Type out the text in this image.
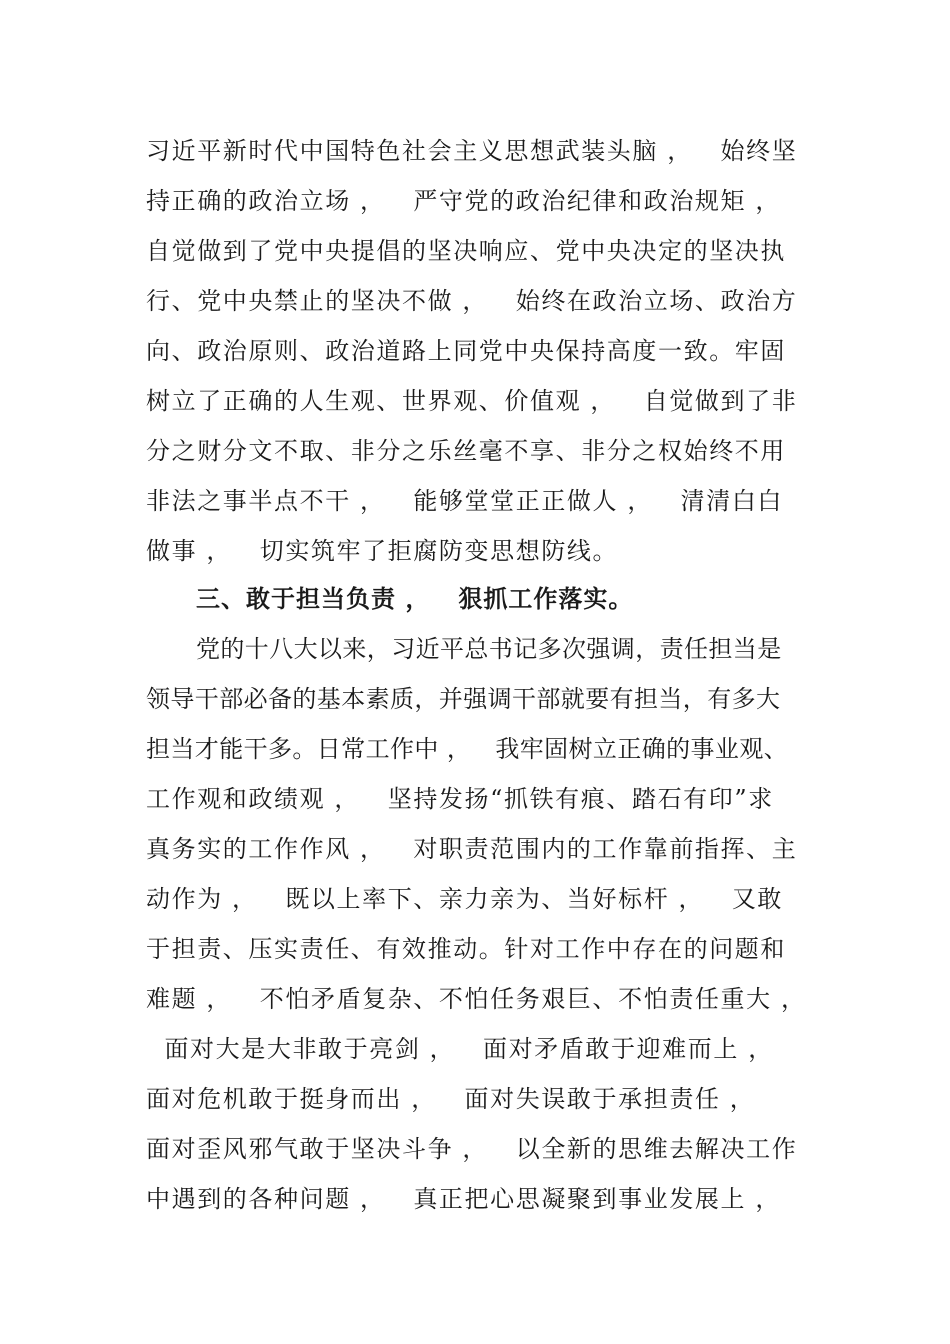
习近平新时代中国特色社会主义思想武装头脑 ，   始终坚
持正确的政治立场 ，   严守党的政治纪律和政治规矩 ，
自觉做到了党中央提倡的坚决响应、党中央决定的坚决执
行、党中央禁止的坚决不做 ，   始终在政治立场、政治方
向、政治原则、政治道路上同党中央保持高度一致。牢固
树立了正确的人生观、世界观、价值观 ，   自觉做到了非
分之财分文不取、非分之乐丝毫不享、非分之权始终不用
非法之事半点不干 ，   能够堂堂正正做人 ，   清清白白
做事 ，   切实筑牢了拒腐防变思想防线。
三、敢于担当负责 ，   狠抓工作落实。
党的十八大以来，习近平总书记多次强调，责任担当是
领导干部必备的基本素质，并强调干部就要有担当，有多大
担当才能干多。日常工作中 ，   我牢固树立正确的事业观、
工作观和政绩观 ，   坚持发扬“抓铁有痕、踏石有印”求
真务实的工作作风 ，   对职责范围内的工作靠前指挥、主
动作为 ，   既以上率下、亲力亲为、当好标杆 ，   又敢
于担责、压实责任、有效推动。针对工作中存在的问题和
难题 ，   不怕矛盾复杂、不怕任务艰巨、不怕责任重大 ，
面对大是大非敢于亮剑 ，   面对矛盾敢于迎难而上 ，
面对危机敢于挺身而出 ，   面对失误敢于承担责任 ，
面对歪风邪气敢于坚决斗争 ，   以全新的思维去解决工作
中遇到的各种问题 ，   真正把心思凝聚到事业发展上 ，
